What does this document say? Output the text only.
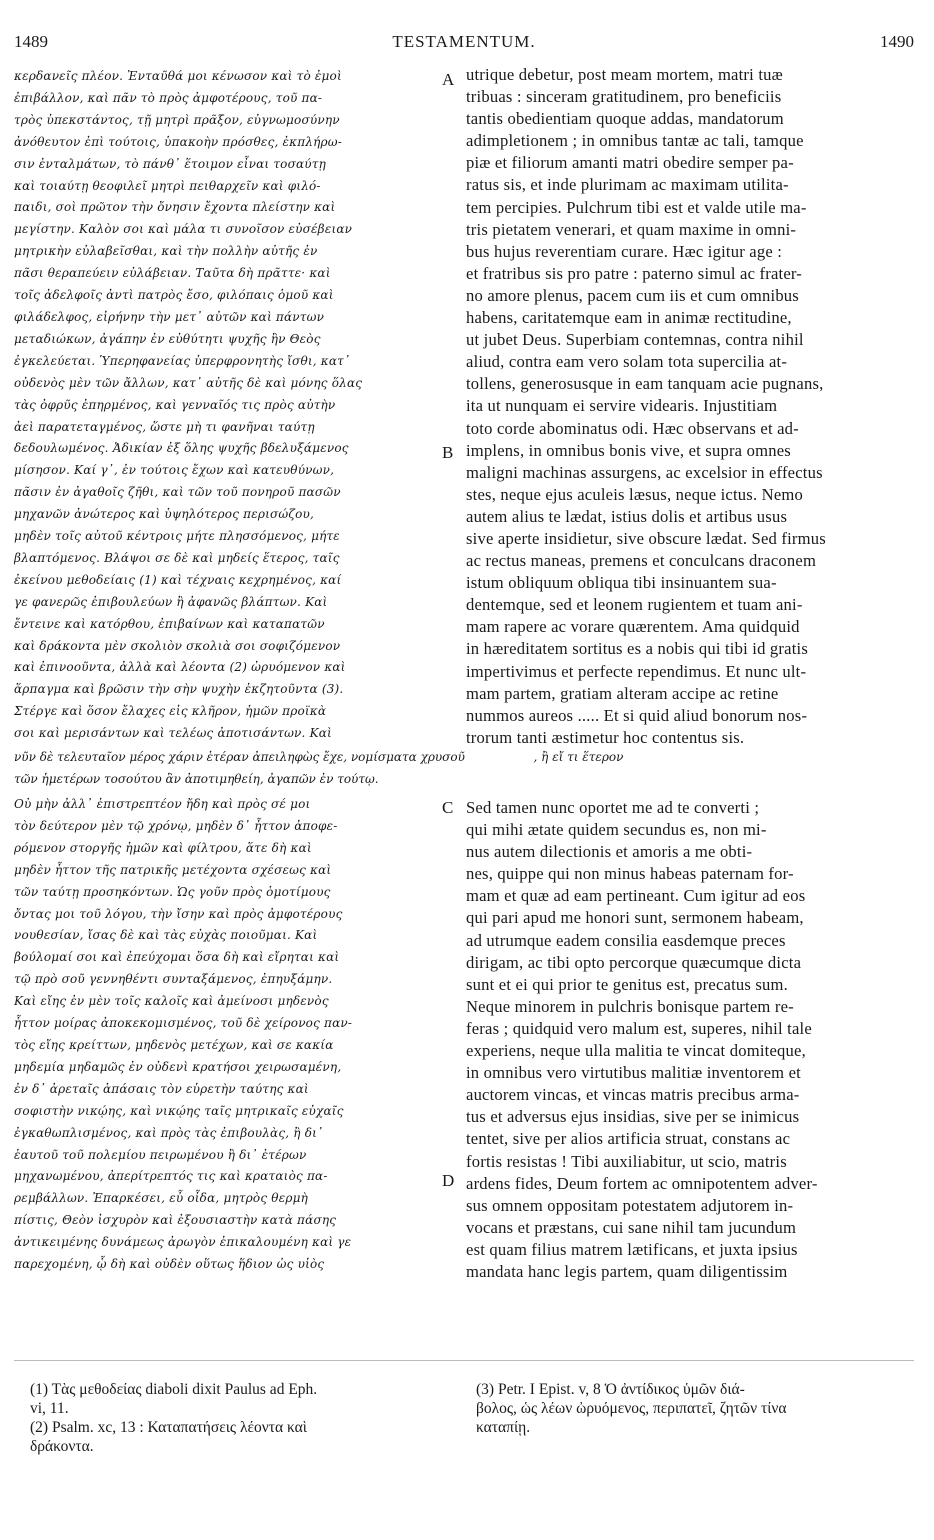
1489	TESTAMENTUM.	1490
κερδανεῖς πλέον. Ἐνταῦθά μοι κένωσον καὶ τὸ ἐμοὶ
ἐπιβάλλον, καὶ πᾶν τὸ πρὸς ἀμφοτέρους, τοῦ πα-
τρὸς ὑπεκστάντος, τῇ μητρὶ πρᾶξον, εὐγνωμοσύνην
ἀνόθευτον ἐπὶ τούτοις, ὑπακοὴν πρόσθες, ἐκπλήρω-
σιν ἐνταλμάτων, τὸ πάνθ᾽ ἕτοιμον εἶναι τοσαύτῃ
καὶ τοιαύτῃ θεοφιλεῖ μητρὶ πειθαρχεῖν καὶ φιλό-
παιδι, σοὶ πρῶτον τὴν ὄνησιν ἔχοντα πλείστην καὶ
μεγίστην. Καλὸν σοι καὶ μάλα τι συνοῖσον εὐσέβειαν
μητρικὴν εὐλαβεῖσθαι, καὶ τὴν πολλὴν αὐτῆς ἐν
πᾶσι θεραπεύειν εὐλάβειαν. Ταῦτα δὴ πρᾶττε· καὶ
τοῖς ἀδελφοῖς ἀντὶ πατρὸς ἔσο, φιλόπαις ὁμοῦ καὶ
φιλάδελφος, εἰρήνην τὴν μετ᾽ αὐτῶν καὶ πάντων
μεταδιώκων, ἀγάπην ἐν εὐθύτητι ψυχῆς ἣν Θεὸς
ἐγκελεύεται. Ὑπερηφανείας ὑπερφρονητὴς ἴσθι, κατ᾽
οὐδενὸς μὲν τῶν ἄλλων, κατ᾽ αὐτῆς δὲ καὶ μόνης ὅλας
τὰς ὀφρῦς ἐπηρμένος, καὶ γενναῖός τις πρὸς αὐτὴν
ἀεὶ παρατεταγμένος, ὥστε μὴ τι φανῆναι ταύτῃ
δεδουλωμένος. Ἀδικίαν ἐξ ὅλης ψυχῆς βδελυξάμενος
μίσησον. Καί γ᾽, ἐν τούτοις ἔχων καὶ κατευθύνων,
πᾶσιν ἐν ἀγαθοῖς ζῆθι, καὶ τῶν τοῦ πονηροῦ πασῶν
μηχανῶν ἀνώτερος καὶ ὑψηλότερος περισώζου,
μηδὲν τοῖς αὐτοῦ κέντροις μήτε πλησσόμενος, μήτε
βλαπτόμενος. Βλάψοι σε δὲ καὶ μηδείς ἕτερος, ταῖς
ἐκείνου μεθοδείαις (1) καὶ τέχναις κεχρημένος, καί
γε φανερῶς ἐπιβουλεύων ἢ ἀφανῶς βλάπτων. Καὶ
ἔντεινε καὶ κατόρθου, ἐπιβαίνων καὶ καταπατῶν
καὶ δράκοντα μὲν σκολιὸν σκολιὰ σοι σοφιζόμενον
καὶ ἐπινοοῦντα, ἀλλὰ καὶ λέοντα (2) ὠρυόμενον καὶ
ἅρπαγμα καὶ βρῶσιν τὴν σὴν ψυχὴν ἐκζητοῦντα (3).
Στέργε καὶ ὅσον ἔλαχες εἰς κλῆρον, ἡμῶν προϊκὰ
σοι καὶ μερισάντων καὶ τελέως ἀποτισάντων. Καὶ
utrique debetur, post meam mortem, matri tuæ
tribuas : sinceram gratitudinem, pro beneficiis
tantis obedientiam quoque addas, mandatorum
adimpletionem ; in omnibus tantæ ac tali, tamque
piæ et filiorum amanti matri obedire semper pa-
ratus sis, et inde plurimam ac maximam utilita-
tem percipies. Pulchrum tibi est et valde utile ma-
tris pietatem venerari, et quam maxime in omni-
bus hujus reverentiam curare. Hæc igitur age :
et fratribus sis pro patre : paterno simul ac frater-
no amore plenus, pacem cum iis et cum omnibus
habens, caritatemque eam in animæ rectitudine,
ut jubet Deus. Superbiam contemnas, contra nihil
aliud, contra eam vero solam tota supercilia at-
tollens, generosusque in eam tanquam acie pugnans,
ita ut nunquam ei servire videaris. Injustitiam
toto corde abominatus odi. Hæc observans et ad-
implens, in omnibus bonis vive, et supra omnes
maligni machinas assurgens, ac excelsior in effectus
stes, neque ejus aculeis læsus, neque ictus. Nemo
autem alius te lædat, istius dolis et artibus usus
sive aperte insidietur, sive obscure lædat. Sed firmus
ac rectus maneas, premens et conculcans draconem
istum obliquum obliqua tibi insinuantem sua-
dentemque, sed et leonem rugientem et tuam ani-
mam rapere ac vorare quærentem. Ama quidquid
in hæreditatem sortitus es a nobis qui tibi id gratis
impertivimus et perfecte rependimus. Et nunc ult-
mam partem, gratiam alteram accipe ac retine
nummos aureos ..... Et si quid aliud bonorum nos-
trorum tanti æstimetur hoc contentus sis.
νῦν δὲ τελευταῖον μέρος χάριν ἑτέραν ἀπειληφὼς ἔχε, νομίσματα χρυσοῦ                  , ἢ εἴ τι ἕτερον
τῶν ἡμετέρων τοσούτου ἂν ἀποτιμηθείη, ἀγαπῶν ἐν τούτῳ.
Οὐ μὴν ἀλλ᾽ ἐπιστρεπτέον ἤδη καὶ πρὸς σέ μοι
τὸν δεύτερον μὲν τῷ χρόνῳ, μηδὲν δ᾽ ἧττον ἀποφε-
ρόμενον στοργῆς ἡμῶν καὶ φίλτρου, ἅτε δὴ καὶ
μηδὲν ἧττον τῆς πατρικῆς μετέχοντα σχέσεως καὶ
τῶν ταύτῃ προσηκόντων. Ὡς γοῦν πρὸς ὁμοτίμους
ὄντας μοι τοῦ λόγου, τὴν ἴσην καὶ πρὸς ἀμφοτέρους
νουθεσίαν, ἴσας δὲ καὶ τὰς εὐχὰς ποιοῦμαι. Καὶ
βούλομαί σοι καὶ ἐπεύχομαι ὅσα δὴ καὶ εἴρηται καὶ
τῷ πρὸ σοῦ γεννηθέντι συνταξάμενος, ἐπηυξάμην.
Καὶ εἴης ἐν μὲν τοῖς καλοῖς καὶ ἀμείνοσι μηδενὸς
ἧττον μοίρας ἀποκεκομισμένος, τοῦ δὲ χείρονος παν-
τὸς εἴης κρείττων, μηδενὸς μετέχων, καὶ σε κακία
μηδεμία μηδαμῶς ἐν οὐδενὶ κρατήσοι χειρωσαμένη,
ἐν δ᾽ ἀρεταῖς ἁπάσαις τὸν εὑρετὴν ταύτης καὶ
σοφιστὴν νικῴης, καὶ νικῴης ταῖς μητρικαῖς εὐχαῖς
ἐγκαθωπλισμένος, καὶ πρὸς τὰς ἐπιβουλὰς, ἢ δι᾽
ἑαυτοῦ τοῦ πολεμίου πειρωμένου ἢ δι᾽ ἑτέρων
μηχανωμένου, ἀπερίτρεπτός τις καὶ κραταιὸς πα-
ρεμβάλλων. Ἐπαρκέσει, εὖ οἶδα, μητρὸς θερμὴ
πίστις, Θεὸν ἰσχυρὸν καὶ ἐξουσιαστὴν κατὰ πάσης
ἀντικειμένης δυνάμεως ἀρωγὸν ἐπικαλουμένη καὶ γε
παρεχομένη, ᾧ δὴ καὶ οὐδὲν οὕτως ἥδιον ὡς υἱὸς
Sed tamen nunc oportet me ad te converti ;
qui mihi ætate quidem secundus es, non mi-
nus autem dilectionis et amoris a me obti-
nes, quippe qui non minus habeas paternam for-
mam et quæ ad eam pertineant. Cum igitur ad eos
qui pari apud me honori sunt, sermonem habeam,
ad utrumque eadem consilia easdemque preces
dirigam, ac tibi opto percorque quæcumque dicta
sunt et ei qui prior te genitus est, precatus sum.
Neque minorem in pulchris bonisque partem re-
feras ; quidquid vero malum est, superes, nihil tale
experiens, neque ulla malitia te vincat domiteque,
in omnibus vero virtutibus malitiæ inventorem et
auctorem vincas, et vincas matris precibus arma-
tus et adversus ejus insidias, sive per se inimicus
tentet, sive per alios artificia struat, constans ac
fortis resistas ! Tibi auxiliabitur, ut scio, matris
ardens fides, Deum fortem ac omnipotentem adver-
sus omnem oppositam potestatem adjutorem in-
vocans et præstans, cui sane nihil tam jucundum
est quam filius matrem lætificans, et juxta ipsius
mandata hanc legis partem, quam diligentissim
A
B
C
D
(1) Τὰς μεθοδείας diaboli dixit Paulus ad Eph.
vi, 11.
(2) Psalm. xc, 13 : Καταπατήσεις λέοντα καὶ
δράκοντα.
(3) Petr. I Epist. v, 8 Ὁ ἀντίδικος ὑμῶν διά-
βολος, ὡς λέων ὠρυόμενος, περιπατεῖ, ζητῶν τίνα
καταπίῃ.
